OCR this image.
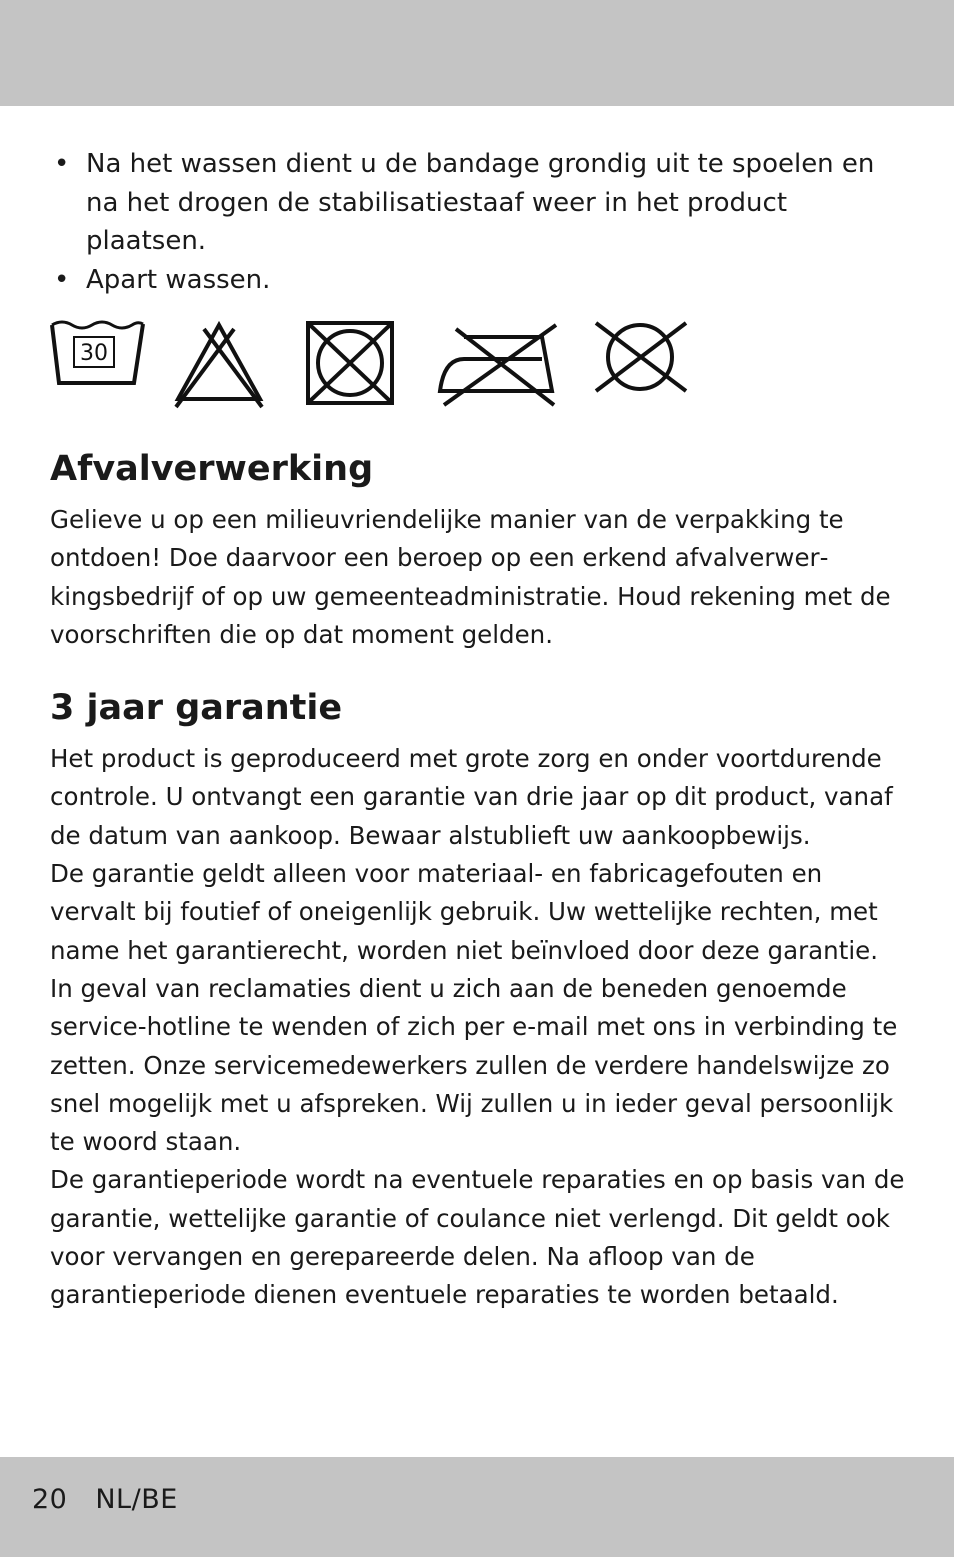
• Na het wassen dient u de bandage grondig uit te spoelen en na het drogen de stabilisatiestaaf weer in het product plaatsen.
• Apart wassen.
30
Afvalverwerking

Gelieve u op een milieuvriendelijke manier van de verpakking te ontdoen! Doe daarvoor een beroep op een erkend afvalverwerkingsbedrijf of op uw gemeenteadministratie. Houd rekening met de voorschriften die op dat moment gelden.

3 jaar garantie

Het product is geproduceerd met grote zorg en onder voortdurende controle. U ontvangt een garantie van drie jaar op dit product, vanaf de datum van aankoop. Bewaar alstublieft uw aankoopbewijs.

De garantie geldt alleen voor materiaal- en fabricagefouten en vervalt bij foutief of oneigenlijk gebruik. Uw wettelijke rechten, met name het garantierecht, worden niet beïnvloed door deze garantie. In geval van reclamaties dient u zich aan de beneden genoemde service-hotline te wenden of zich per e-mail met ons in verbinding te zetten. Onze servicemedewerkers zullen de verdere handelswijze zo snel mogelijk met u afspreken. Wij zullen u in ieder geval persoonlijk te woord staan.

De garantieperiode wordt na eventuele reparaties en op basis van de garantie, wettelijke garantie of coulance niet verlengd. Dit geldt ook voor vervangen en gerepareerde delen. Na afloop van de garantieperiode dienen eventuele reparaties te worden betaald.

20 NL/BE
